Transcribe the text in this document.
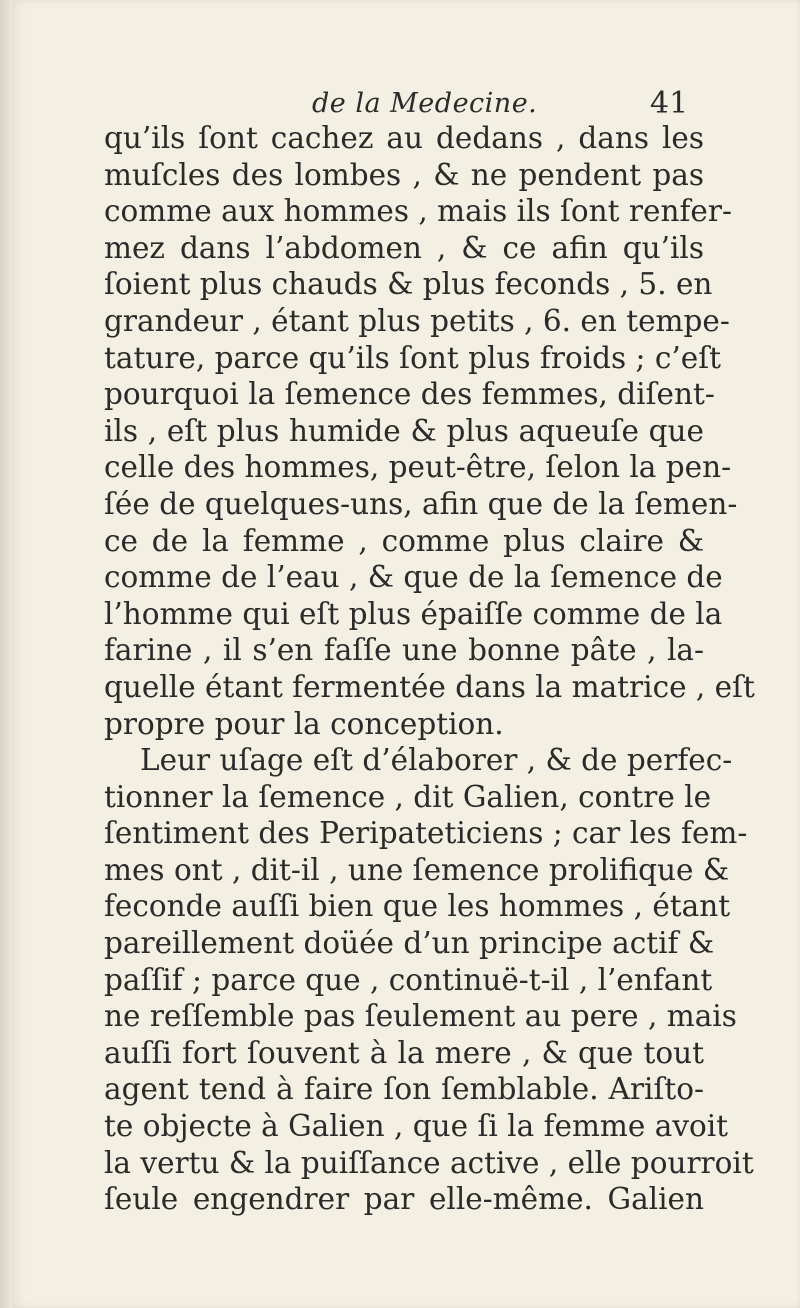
de la Medecine.	41
qu’ils ſont cachez au dedans , dans les
muſcles des lombes , & ne pendent pas
comme aux hommes , mais ils ſont renfer-
mez dans l’abdomen , & ce afin qu’ils
ſoient plus chauds & plus feconds , 5. en
grandeur , étant plus petits , 6. en tempe-
tature, parce qu’ils ſont plus froids ; c’eſt
pourquoi la ſemence des femmes, diſent-
ils , eſt plus humide & plus aqueuſe que
celle des hommes, peut-être, ſelon la pen-
ſée de quelques-uns, afin que de la ſemen-
ce de la femme , comme plus claire &
comme de l’eau , & que de la ſemence de
l’homme qui eſt plus épaiſſe comme de la
farine , il s’en faſſe une bonne pâte , la-
quelle étant fermentée dans la matrice , eſt
propre pour la conception.
Leur uſage eſt d’élaborer , & de perfec-
tionner la ſemence , dit Galien, contre le
ſentiment des Peripateticiens ; car les fem-
mes ont , dit-il , une ſemence prolifique &
feconde auſſi bien que les hommes , étant
pareillement doüée d’un principe actif &
paſſif ; parce que , continuë-t-il , l’enfant
ne reſſemble pas ſeulement au pere , mais
auſſi fort ſouvent à la mere , & que tout
agent tend à faire ſon ſemblable. Ariſto-
te objecte à Galien , que ſi la femme avoit
la vertu & la puiſſance active , elle pourroit
ſeule engendrer par elle-même. Galien
